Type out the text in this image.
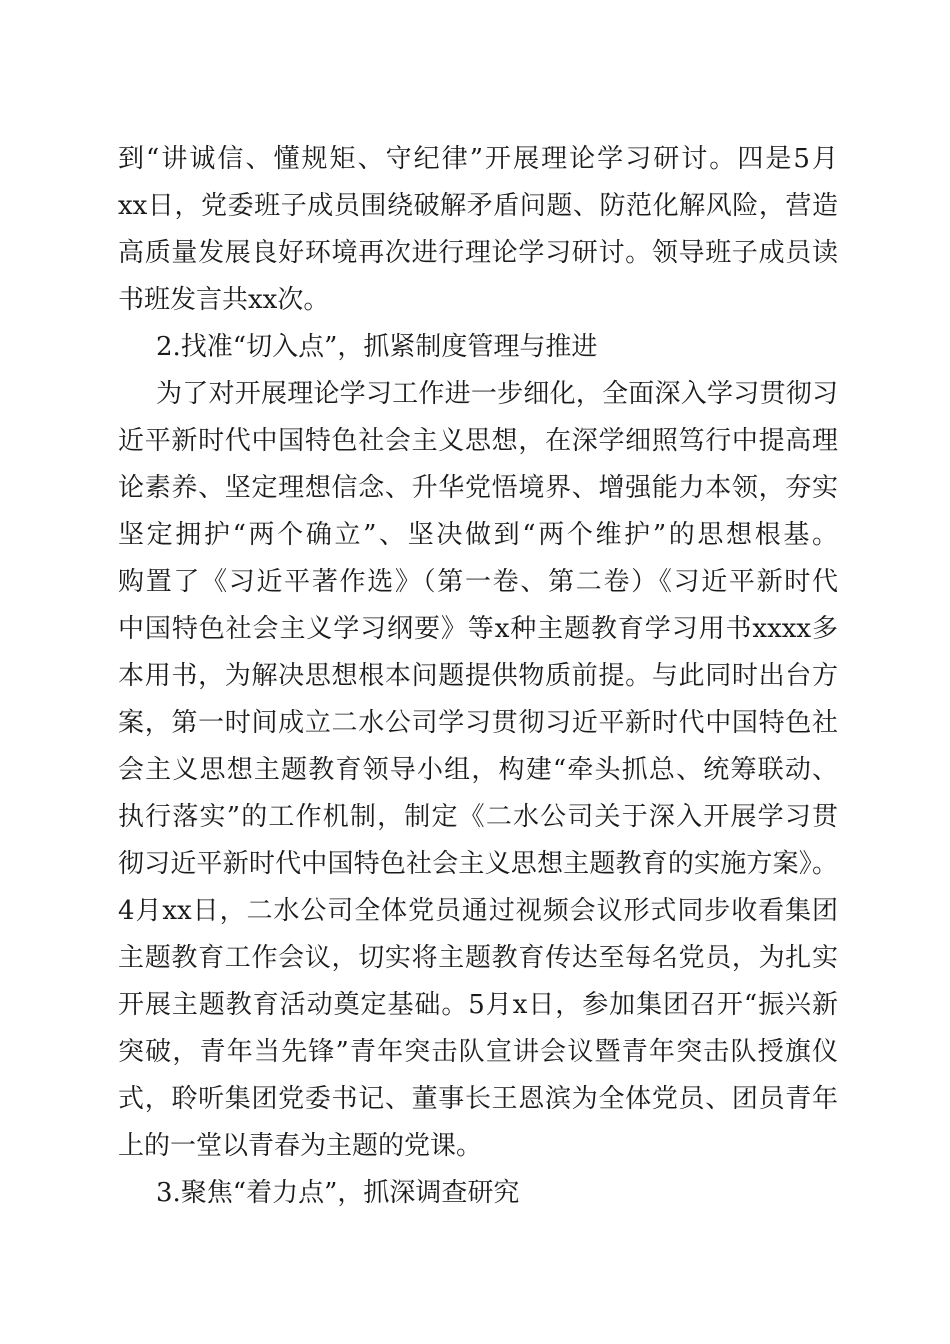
到“讲诚信、懂规矩、守纪律”开展理论学习研讨。四是5月
xx日，党委班子成员围绕破解矛盾问题、防范化解风险，营造
高质量发展良好环境再次进行理论学习研讨。领导班子成员读
书班发言共xx次。
2.找准“切入点”，抓紧制度管理与推进
为了对开展理论学习工作进一步细化，全面深入学习贯彻习
近平新时代中国特色社会主义思想，在深学细照笃行中提高理
论素养、坚定理想信念、升华党悟境界、增强能力本领，夯实
坚定拥护“两个确立”、坚决做到“两个维护”的思想根基。
购置了《习近平著作选》（第一卷、第二卷）《习近平新时代
中国特色社会主义学习纲要》等x种主题教育学习用书xxxx多
本用书，为解决思想根本问题提供物质前提。与此同时出台方
案，第一时间成立二水公司学习贯彻习近平新时代中国特色社
会主义思想主题教育领导小组，构建“牵头抓总、统筹联动、
执行落实”的工作机制，制定《二水公司关于深入开展学习贯
彻习近平新时代中国特色社会主义思想主题教育的实施方案》。
4月xx日，二水公司全体党员通过视频会议形式同步收看集团
主题教育工作会议，切实将主题教育传达至每名党员，为扎实
开展主题教育活动奠定基础。5月x日，参加集团召开“振兴新
突破，青年当先锋”青年突击队宣讲会议暨青年突击队授旗仪
式，聆听集团党委书记、董事长王恩滨为全体党员、团员青年
上的一堂以青春为主题的党课。
3.聚焦“着力点”，抓深调查研究
